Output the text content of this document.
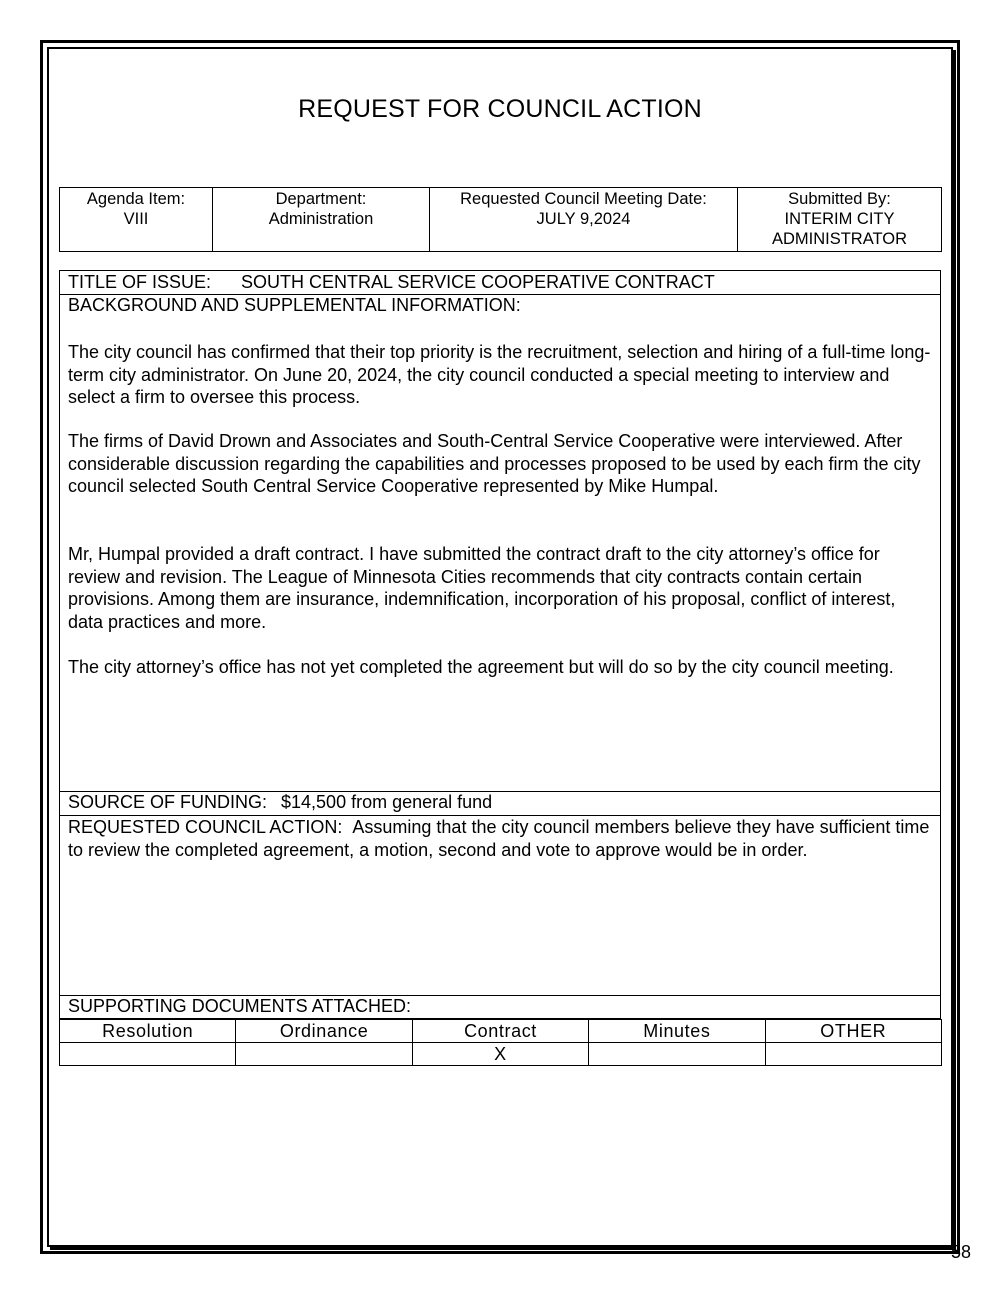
REQUEST FOR COUNCIL ACTION
Agenda Item:
VIII

Department:
Administration

Requested Council Meeting Date:
JULY 9,2024

Submitted By:
INTERIM CITY
ADMINISTRATOR
TITLE OF ISSUE: SOUTH CENTRAL SERVICE COOPERATIVE CONTRACT
BACKGROUND AND SUPPLEMENTAL INFORMATION:
The city council has confirmed that their top priority is the recruitment, selection and hiring of a full-time long-term city administrator. On June 20, 2024, the city council conducted a special meeting to interview and select a firm to oversee this process.
The firms of David Drown and Associates and South-Central Service Cooperative were interviewed. After considerable discussion regarding the capabilities and processes proposed to be used by each firm the city council selected South Central Service Cooperative represented by Mike Humpal.
Mr, Humpal provided a draft contract. I have submitted the contract draft to the city attorney’s office for review and revision. The League of Minnesota Cities recommends that city contracts contain certain provisions. Among them are insurance, indemnification, incorporation of his proposal, conflict of interest, data practices and more.
The city attorney’s office has not yet completed the agreement but will do so by the city council meeting.
SOURCE OF FUNDING: $14,500 from general fund
REQUESTED COUNCIL ACTION: Assuming that the city council members believe they have sufficient time to review the completed agreement, a motion, second and vote to approve would be in order.
SUPPORTING DOCUMENTS ATTACHED:
Resolution	Ordinance	Contract	Minutes	OTHER
		X		
58
